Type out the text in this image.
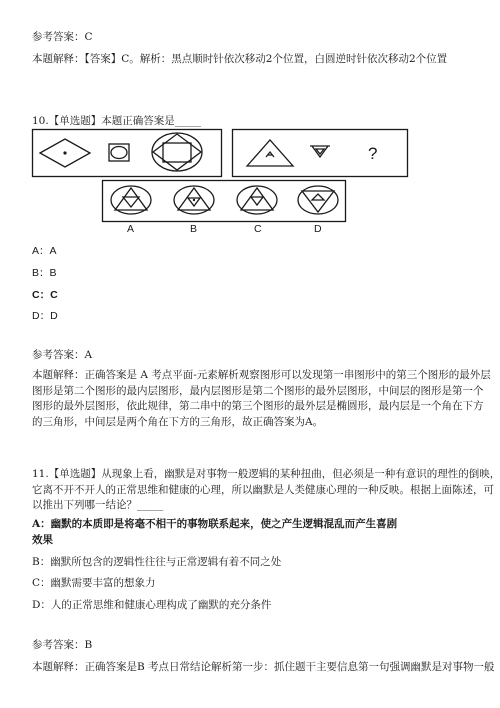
参考答案：C
本题解释：【答案】C。解析：黑点顺时针依次移动2个位置，白圆逆时针依次移动2个位置
10.【单选题】本题正确答案是_____
?
A	B	C	D
A：A
B：B
C：C
D：D
参考答案：A
本题解释：正确答案是 A 考点平面-元素解析观察图形可以发现第一串图形中的第三个图形的最外层
图形是第二个图形的最内层图形，最内层图形是第二个图形的最外层图形，中间层的图形是第一个
图形的最外层图形，依此规律，第二串中的第三个图形的最外层是椭圆形，最内层是一个角在下方
的三角形，中间层是两个角在下方的三角形，故正确答案为A。
11.【单选题】从现象上看，幽默是对事物一般逻辑的某种扭曲，但必须是一种有意识的理性的倒映，
它离不开不开人的正常思维和健康的心理，所以幽默是人类健康心理的一种反映。根据上面陈述，可
以推出下列哪一结论？_____
A：幽默的本质即是将毫不相干的事物联系起来，使之产生逻辑混乱而产生喜剧
效果
B：幽默所包含的逻辑性往往与正常逻辑有着不同之处
C：幽默需要丰富的想象力
D：人的正常思维和健康心理构成了幽默的充分条件
参考答案：B
本题解释：正确答案是B 考点日常结论解析第一步：抓住题干主要信息第一句强调幽默是对事物一般
